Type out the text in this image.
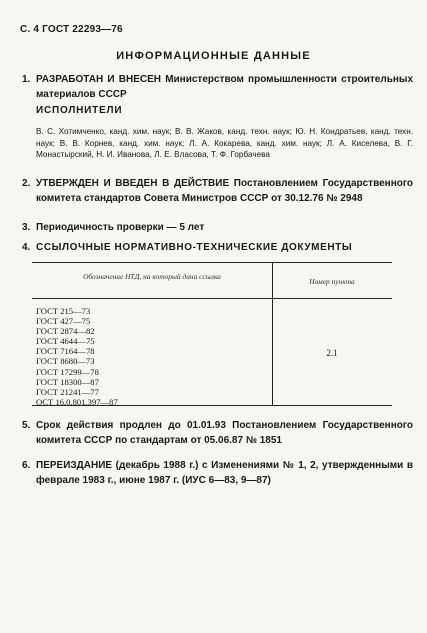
С. 4 ГОСТ 22293—76
ИНФОРМАЦИОННЫЕ ДАННЫЕ
1. РАЗРАБОТАН И ВНЕСЕН Министерством промышленности строительных материалов СССР
ИСПОЛНИТЕЛИ
В. С. Хотимченко, канд. хим. наук; В. В. Жаков, канд. техн. наук; Ю. Н. Кондратьев, канд. техн. наук; В. В. Корнев, канд. хим. наук; Л. А. Кокарева, канд. хим. наук; Л. А. Киселева, В. Г. Монастырский, Н. И. Иванова, Л. Е. Власова, Т. Ф. Горбачева
2. УТВЕРЖДЕН И ВВЕДЕН В ДЕЙСТВИЕ Постановлением Государственного комитета стандартов Совета Министров СССР от 30.12.76 № 2948
3. Периодичность проверки — 5 лет
4. ССЫЛОЧНЫЕ НОРМАТИВНО-ТЕХНИЧЕСКИЕ ДОКУМЕНТЫ
Обозначение НТД, на который дана ссылка
Номер пункта
ГОСТ 215—73
ГОСТ 427—75
ГОСТ 2874—82
ГОСТ 4644—75
ГОСТ 7164—78
ГОСТ 8680—73
ГОСТ 17299—78
ГОСТ 18300—87
ГОСТ 21241—77
ОСТ 16.0.801.397—87
2.1
5. Срок действия продлен до 01.01.93 Постановлением Государственного комитета СССР по стандартам от 05.06.87 № 1851
6. ПЕРЕИЗДАНИЕ (декабрь 1988 г.) с Изменениями № 1, 2, утвержденными в феврале 1983 г., июне 1987 г. (ИУС 6—83, 9—87)
